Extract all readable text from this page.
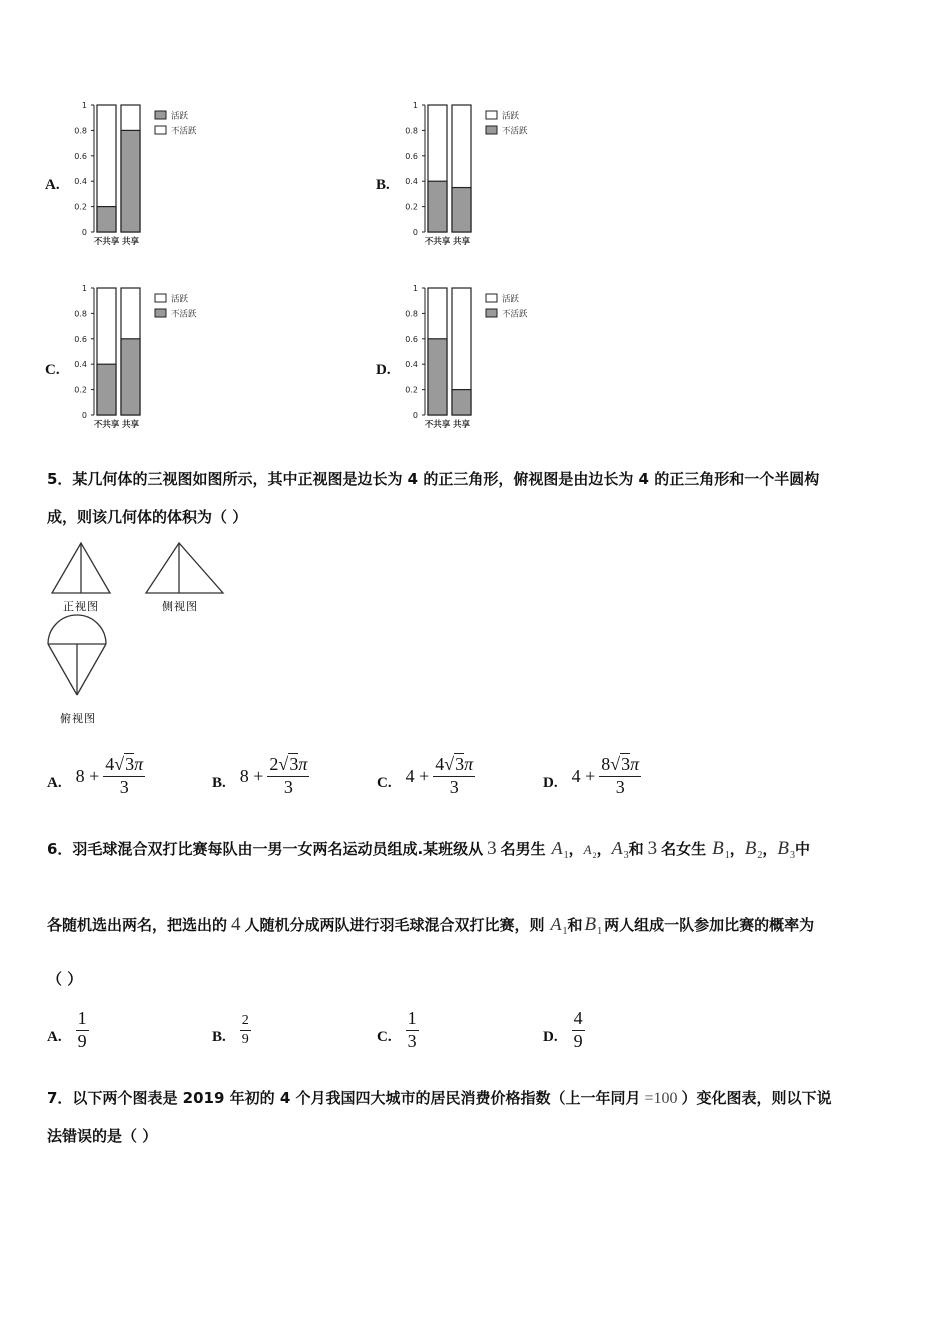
A.
1
0.8
0.6
0.4
0.2
0
不共享 共享
活跃
不活跃
B.
1
0.8
0.6
0.4
0.2
0
不共享 共享
活跃
不活跃
C.
1
0.8
0.6
0.4
0.2
0
不共享 共享
活跃
不活跃
D.
1
0.8
0.6
0.4
0.2
0
不共享 共享
活跃
不活跃
5．某几何体的三视图如图所示，其中正视图是边长为 4 的正三角形，俯视图是由边长为 4 的正三角形和一个半圆构
成，则该几何体的体积为（ ）
正视图	侧视图
俯视图
A. $8 + \frac{4√3\pi}{3}$	B. $8 + \frac{2√3\pi}{3}$	C. $4 + \frac{4√3\pi}{3}$	D. $4 + \frac{8√3\pi}{3}$
6．羽毛球混合双打比赛每队由一男一女两名运动员组成.某班级从 3 名男生 $A_1$ ， $A_2$ ， $A_3$ 和 3 名女生 $B_1$ ， $B_2$ ， $B_3$ 中
各随机选出两名，把选出的 4 人随机分成两队进行羽毛球混合双打比赛，则 $A_1$ 和 $B_1$ 两人组成一队参加比赛的概率为
（ ）
A. $\frac{1}{9}$	B. $\frac{2}{9}$	C. $\frac{1}{3}$	D. $\frac{4}{9}$
7．以下两个图表是 2019 年初的 4 个月我国四大城市的居民消费价格指数（上一年同月 =100 ）变化图表，则以下说
法错误的是（ ）
